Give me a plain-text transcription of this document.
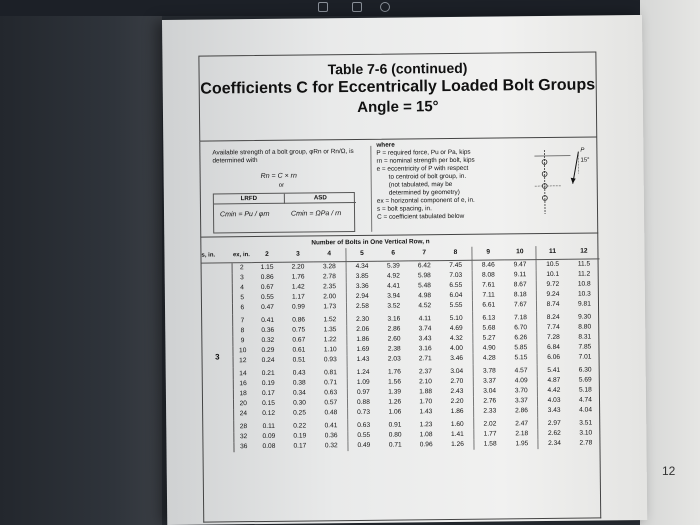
12
Table 7-6 (continued)
Coefficients C for Eccentrically Loaded Bolt Groups
Angle = 15°
Available strength of a bolt group, φRn or Rn/Ω, is determined with
Rn = C × rn
or
LRFD	ASD
Cmin = Pu / φrn	Cmin = ΩPa / rn
where
P = required force, Pu or Pa, kips
rn = nominal strength per bolt, kips
e = eccentricity of P with respect
to centroid of bolt group, in.
(not tabulated, may be
determined by geometry)
ex = horizontal component of e, in.
s = bolt spacing, in.
C = coefficient tabulated below
15°
P
Number of Bolts in One Vertical Row, n
s, in.	ex, in.	2	3	4	5	6	7	8	9	10	11	12
3	2	1.15	2.20	3.28	4.34	5.39	6.42	7.45	8.46	9.47	10.5	11.5
	3	0.86	1.76	2.78	3.85	4.92	5.98	7.03	8.08	9.11	10.1	11.2
	4	0.67	1.42	2.35	3.36	4.41	5.48	6.55	7.61	8.67	9.72	10.8
	5	0.55	1.17	2.00	2.94	3.94	4.98	6.04	7.11	8.18	9.24	10.3
	6	0.47	0.99	1.73	2.58	3.52	4.52	5.55	6.61	7.67	8.74	9.81
	7	0.41	0.86	1.52	2.30	3.16	4.11	5.10	6.13	7.18	8.24	9.30
	8	0.36	0.75	1.35	2.06	2.86	3.74	4.69	5.68	6.70	7.74	8.80
	9	0.32	0.67	1.22	1.86	2.60	3.43	4.32	5.27	6.26	7.28	8.31
	10	0.29	0.61	1.10	1.69	2.38	3.16	4.00	4.90	5.85	6.84	7.85
	12	0.24	0.51	0.93	1.43	2.03	2.71	3.46	4.28	5.15	6.06	7.01
	14	0.21	0.43	0.81	1.24	1.76	2.37	3.04	3.78	4.57	5.41	6.30
	16	0.19	0.38	0.71	1.09	1.56	2.10	2.70	3.37	4.09	4.87	5.69
	18	0.17	0.34	0.63	0.97	1.39	1.88	2.43	3.04	3.70	4.42	5.18
	20	0.15	0.30	0.57	0.88	1.26	1.70	2.20	2.76	3.37	4.03	4.74
	24	0.12	0.25	0.48	0.73	1.06	1.43	1.86	2.33	2.86	3.43	4.04
	28	0.11	0.22	0.41	0.63	0.91	1.23	1.60	2.02	2.47	2.97	3.51
	32	0.09	0.19	0.36	0.55	0.80	1.08	1.41	1.77	2.18	2.62	3.10
	36	0.08	0.17	0.32	0.49	0.71	0.96	1.26	1.58	1.95	2.34	2.78
